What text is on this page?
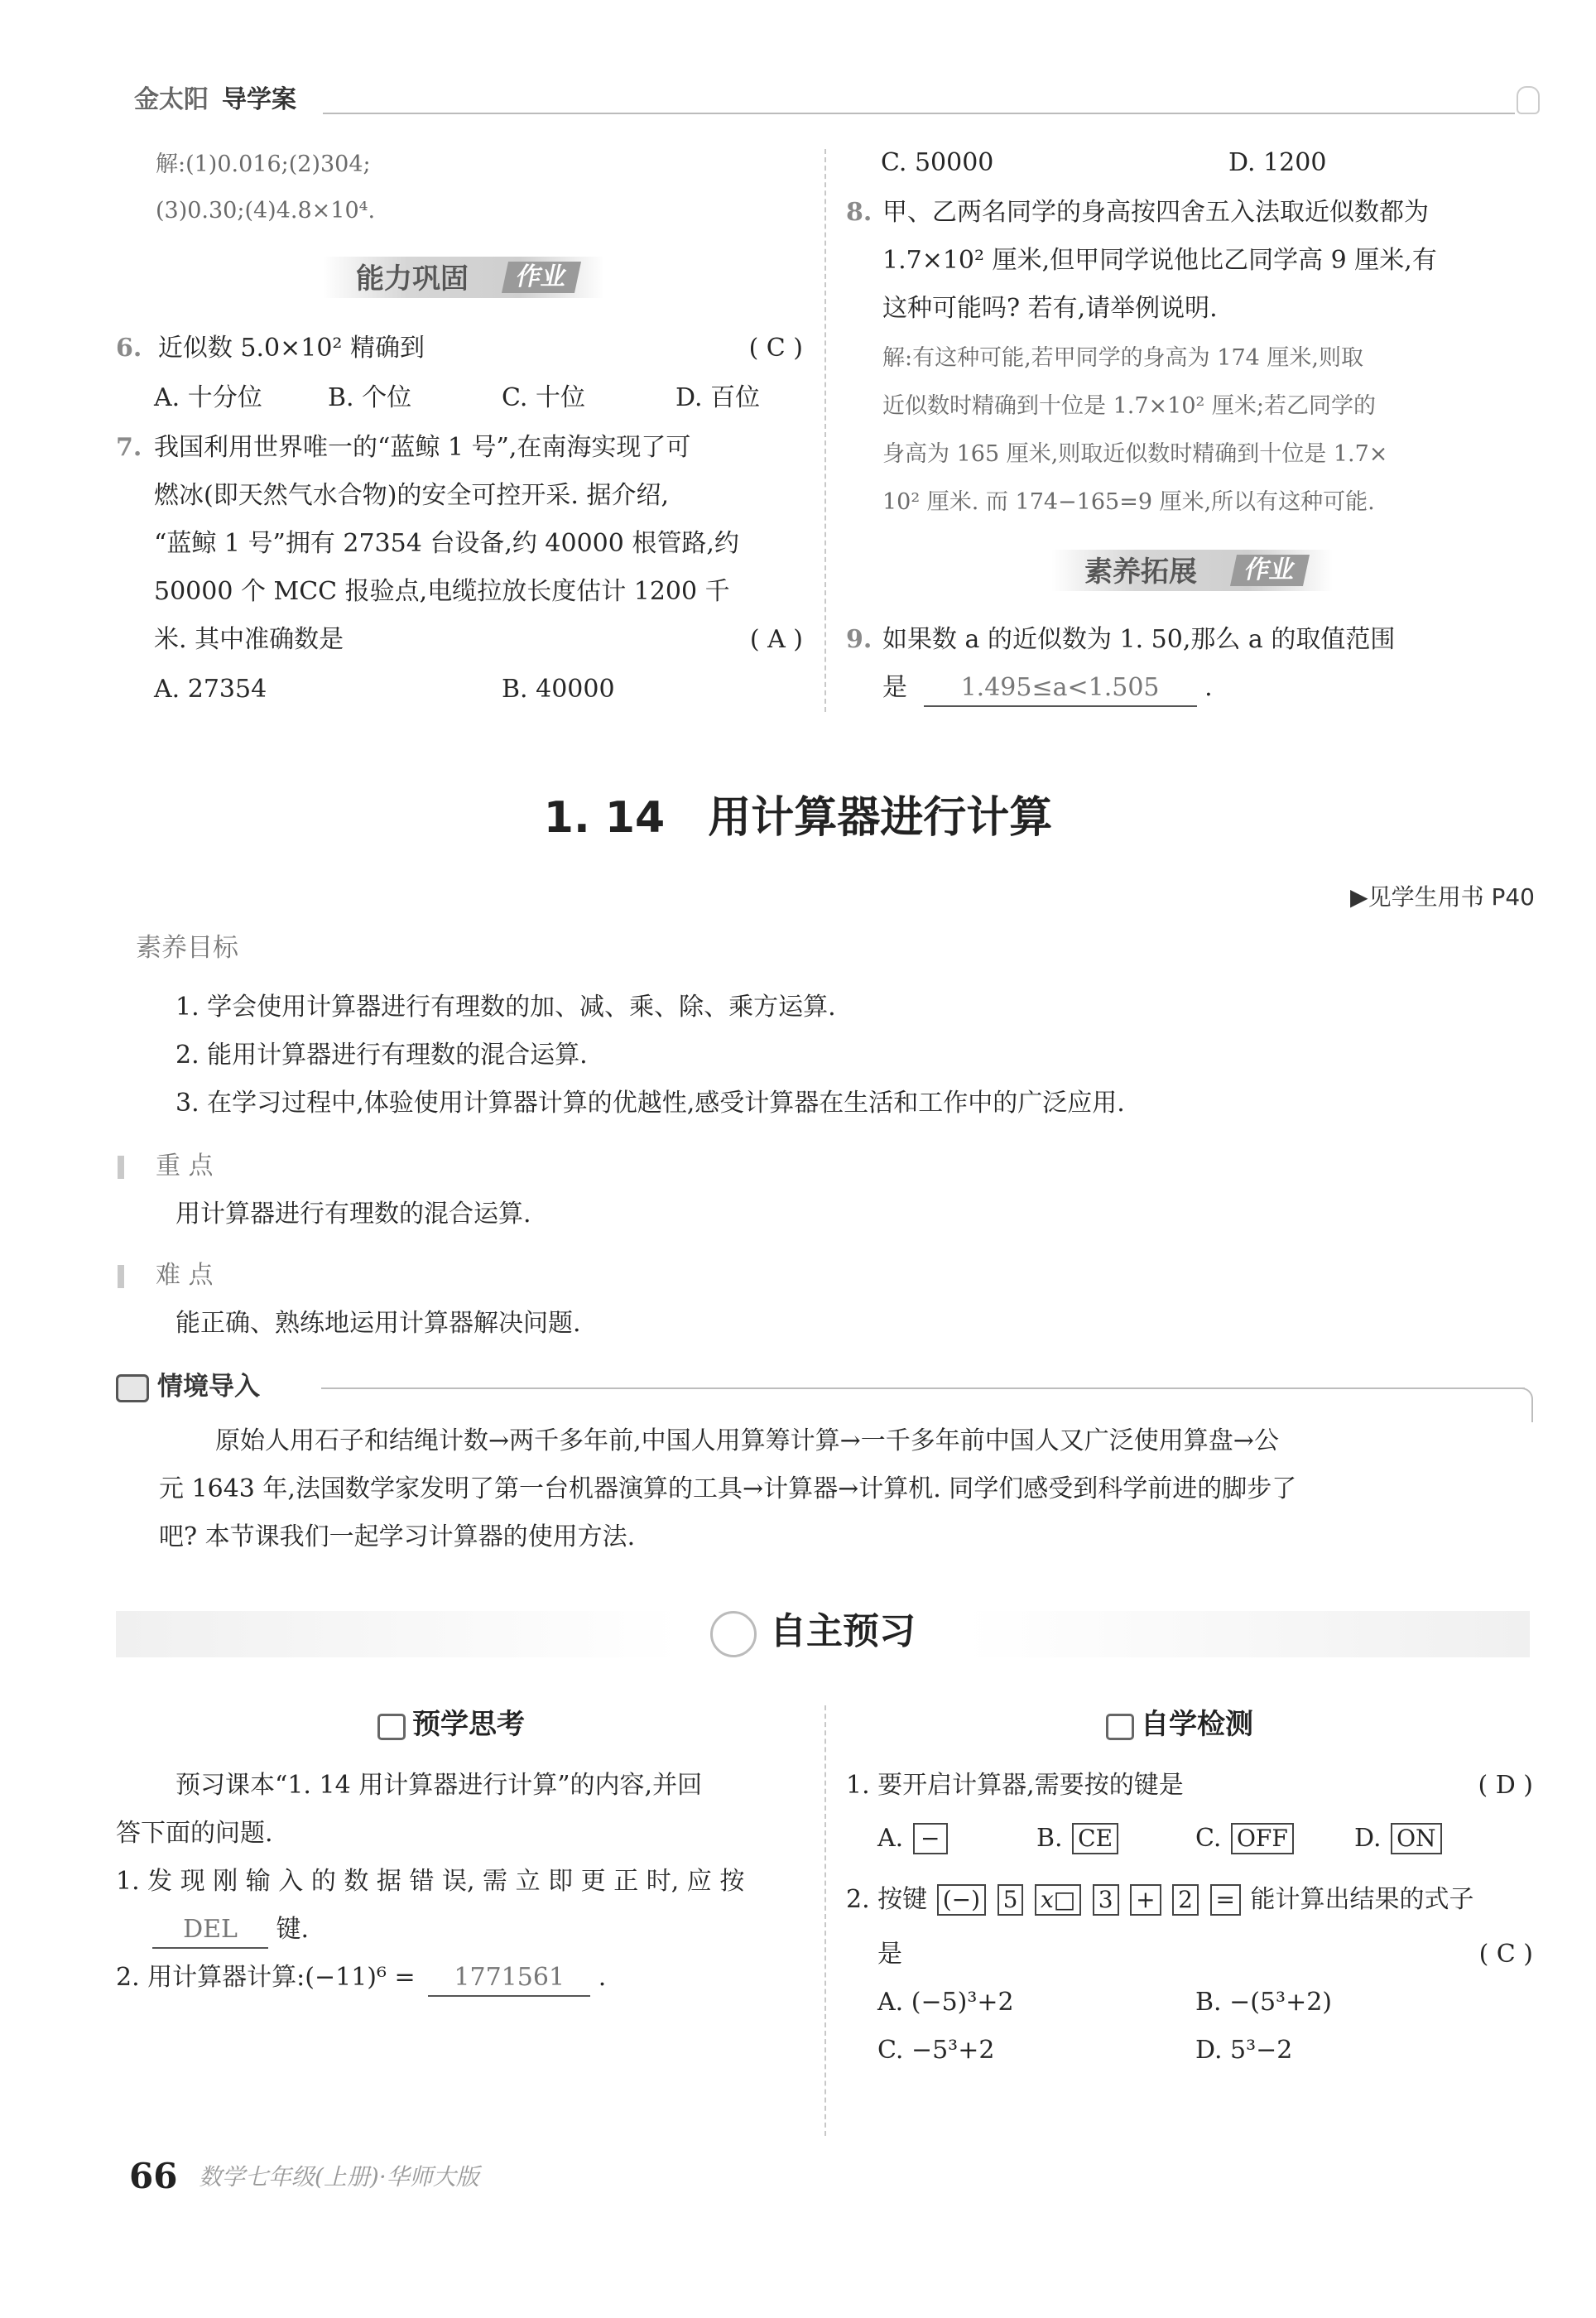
金太阳 导学案
解:(1)0.016;(2)304;
(3)0.30;(4)4.8×10⁴.
能力巩固	作业
6. 近似数 5.0×10² 精确到	( C )
A. 十分位	B. 个位	C. 十位	D. 百位
7. 我国利用世界唯一的“蓝鲸 1 号”,在南海实现了可
燃冰(即天然气水合物)的安全可控开采. 据介绍,
“蓝鲸 1 号”拥有 27354 台设备,约 40000 根管路,约
50000 个 MCC 报验点,电缆拉放长度估计 1200 千
米. 其中准确数是	( A )
A. 27354	B. 40000
C. 50000	D. 1200
8. 甲、乙两名同学的身高按四舍五入法取近似数都为
1.7×10² 厘米,但甲同学说他比乙同学高 9 厘米,有
这种可能吗? 若有,请举例说明.
解:有这种可能,若甲同学的身高为 174 厘米,则取
近似数时精确到十位是 1.7×10² 厘米;若乙同学的
身高为 165 厘米,则取近似数时精确到十位是 1.7×
10² 厘米. 而 174−165=9 厘米,所以有这种可能.
素养拓展	作业
9. 如果数 a 的近似数为 1. 50,那么 a 的取值范围
是 1.495≤a<1.505 .
1. 14　用计算器进行计算
▶见学生用书 P40
素养目标
1. 学会使用计算器进行有理数的加、减、乘、除、乘方运算.
2. 能用计算器进行有理数的混合运算.
3. 在学习过程中,体验使用计算器计算的优越性,感受计算器在生活和工作中的广泛应用.
重 点
用计算器进行有理数的混合运算.
难 点
能正确、熟练地运用计算器解决问题.
情境导入
原始人用石子和结绳计数→两千多年前,中国人用算筹计算→一千多年前中国人又广泛使用算盘→公
元 1643 年,法国数学家发明了第一台机器演算的工具→计算器→计算机. 同学们感受到科学前进的脚步了
吧? 本节课我们一起学习计算器的使用方法.
自主预习
预学思考
预习课本“1. 14 用计算器进行计算”的内容,并回
答下面的问题.
1. 发 现 刚 输 入 的 数 据 错 误, 需 立 即 更 正 时, 应 按
DEL 键.
2. 用计算器计算:(−11)⁶ = 1771561 .
自学检测
1. 要开启计算器,需要按的键是	( D )
A. −	B. CE	C. OFF	D. ON
2. 按键 (−) 5 x□ 3 + 2 = 能计算出结果的式子
是	( C )
A. (−5)³+2	B. −(5³+2)
C. −5³+2	D. 5³−2
66 数学七年级(上册)·华师大版
